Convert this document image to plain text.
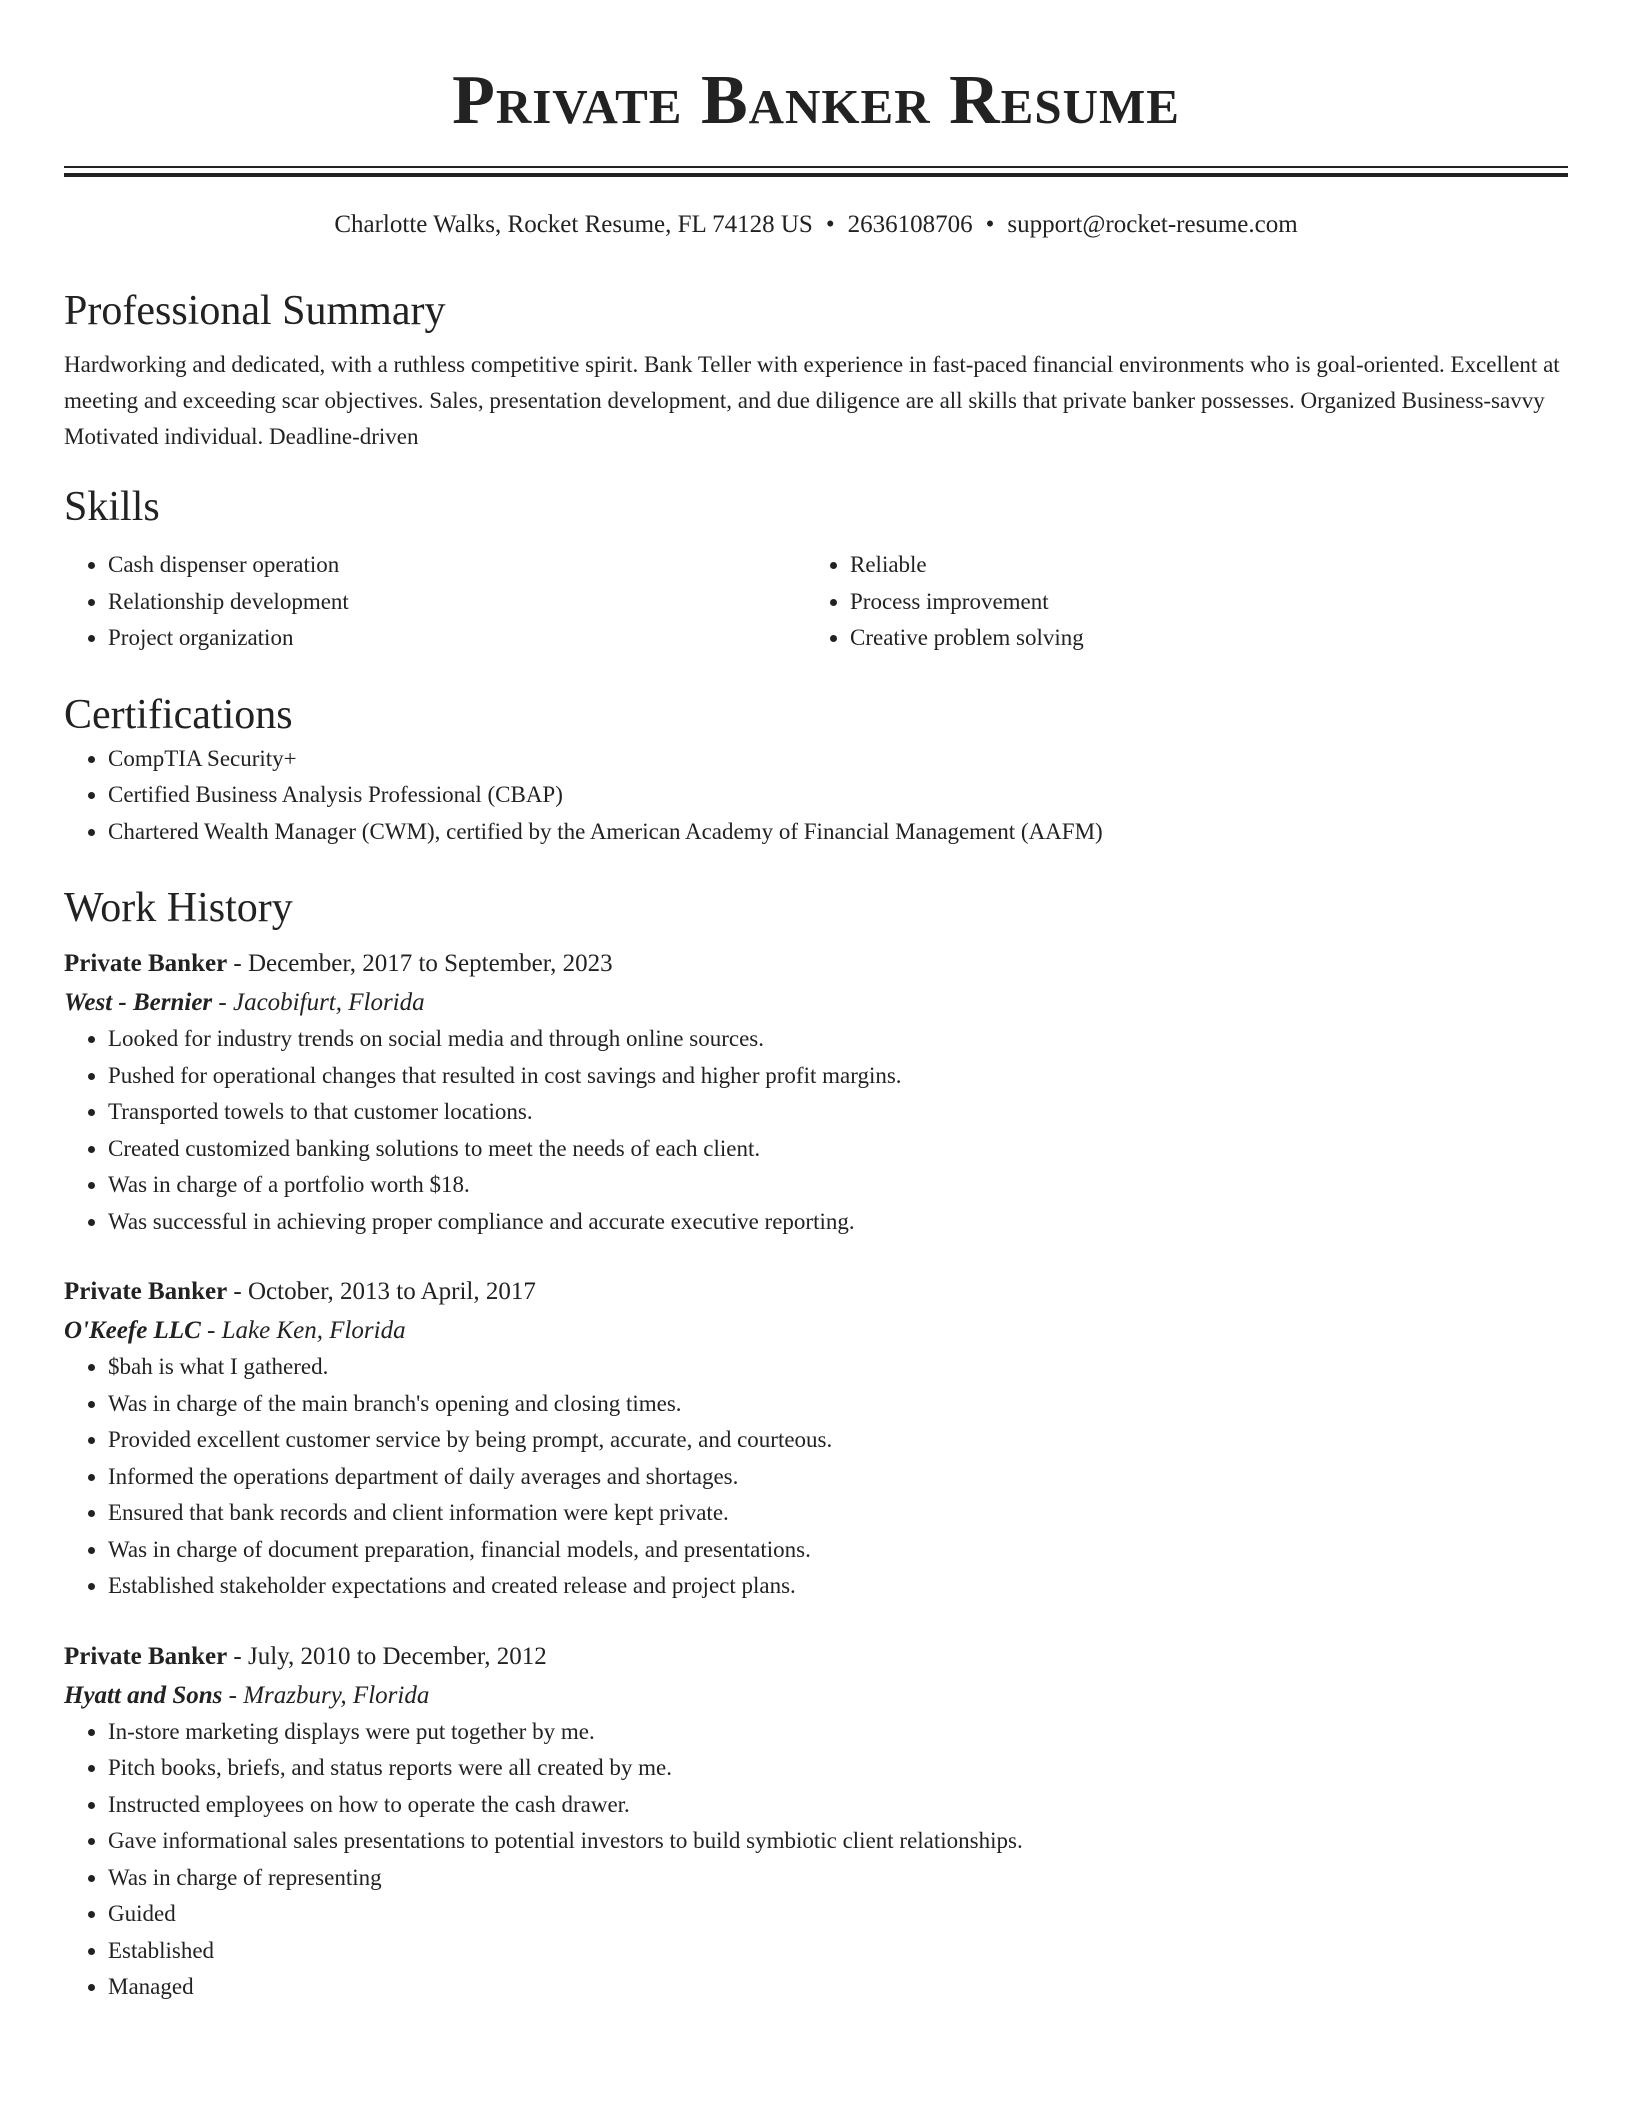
Private Banker Resume
Charlotte Walks, Rocket Resume, FL 74128 US • 2636108706 • support@rocket-resume.com
Professional Summary

Hardworking and dedicated, with a ruthless competitive spirit. Bank Teller with experience in fast-paced financial environments who is goal-oriented. Excellent at meeting and exceeding scar objectives. Sales, presentation development, and due diligence are all skills that private banker possesses. Organized Business-savvy Motivated individual. Deadline-driven

Skills
• Cash dispenser operation
• Relationship development
• Project organization
• Reliable
• Process improvement
• Creative problem solving
Certifications
• CompTIA Security+
• Certified Business Analysis Professional (CBAP)
• Chartered Wealth Manager (CWM), certified by the American Academy of Financial Management (AAFM)
Work History
Private Banker - December, 2017 to September, 2023
West - Bernier - Jacobifurt, Florida
• Looked for industry trends on social media and through online sources.
• Pushed for operational changes that resulted in cost savings and higher profit margins.
• Transported towels to that customer locations.
• Created customized banking solutions to meet the needs of each client.
• Was in charge of a portfolio worth $18.
• Was successful in achieving proper compliance and accurate executive reporting.
Private Banker - October, 2013 to April, 2017
O'Keefe LLC - Lake Ken, Florida
• $bah is what I gathered.
• Was in charge of the main branch's opening and closing times.
• Provided excellent customer service by being prompt, accurate, and courteous.
• Informed the operations department of daily averages and shortages.
• Ensured that bank records and client information were kept private.
• Was in charge of document preparation, financial models, and presentations.
• Established stakeholder expectations and created release and project plans.
Private Banker - July, 2010 to December, 2012
Hyatt and Sons - Mrazbury, Florida
• In-store marketing displays were put together by me.
• Pitch books, briefs, and status reports were all created by me.
• Instructed employees on how to operate the cash drawer.
• Gave informational sales presentations to potential investors to build symbiotic client relationships.
• Was in charge of representing
• Guided
• Established
• Managed
